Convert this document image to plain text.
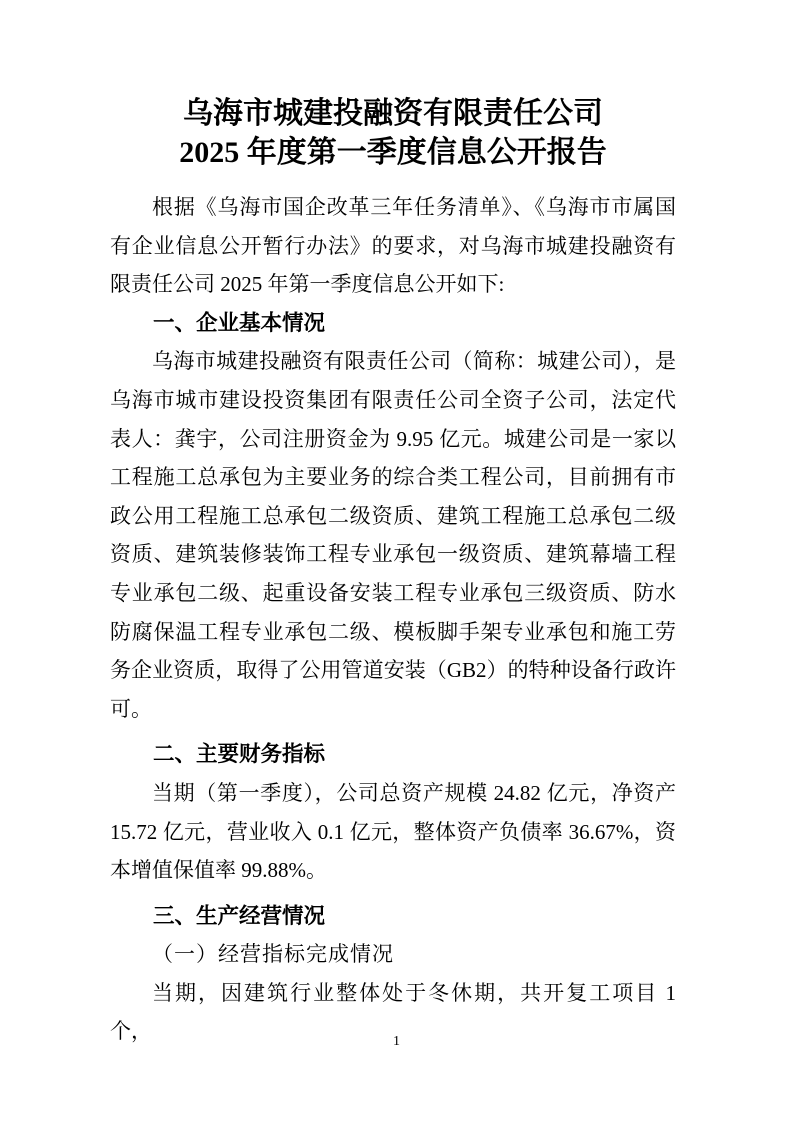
乌海市城建投融资有限责任公司
2025 年度第一季度信息公开报告

根据《乌海市国企改革三年任务清单》、《乌海市市属国有企业信息公开暂行办法》的要求，对乌海市城建投融资有限责任公司 2025 年第一季度信息公开如下:

一、企业基本情况

乌海市城建投融资有限责任公司（简称：城建公司），是乌海市城市建设投资集团有限责任公司全资子公司，法定代表人：龚宇，公司注册资金为 9.95 亿元。城建公司是一家以工程施工总承包为主要业务的综合类工程公司，目前拥有市政公用工程施工总承包二级资质、建筑工程施工总承包二级资质、建筑装修装饰工程专业承包一级资质、建筑幕墙工程专业承包二级、起重设备安装工程专业承包三级资质、防水防腐保温工程专业承包二级、模板脚手架专业承包和施工劳务企业资质，取得了公用管道安装（GB2）的特种设备行政许可。

二、主要财务指标

当期（第一季度），公司总资产规模 24.82 亿元，净资产 15.72 亿元，营业收入 0.1 亿元，整体资产负债率 36.67%，资本增值保值率 99.88%。

三、生产经营情况

（一）经营指标完成情况

当期，因建筑行业整体处于冬休期，共开复工项目 1 个，	1
